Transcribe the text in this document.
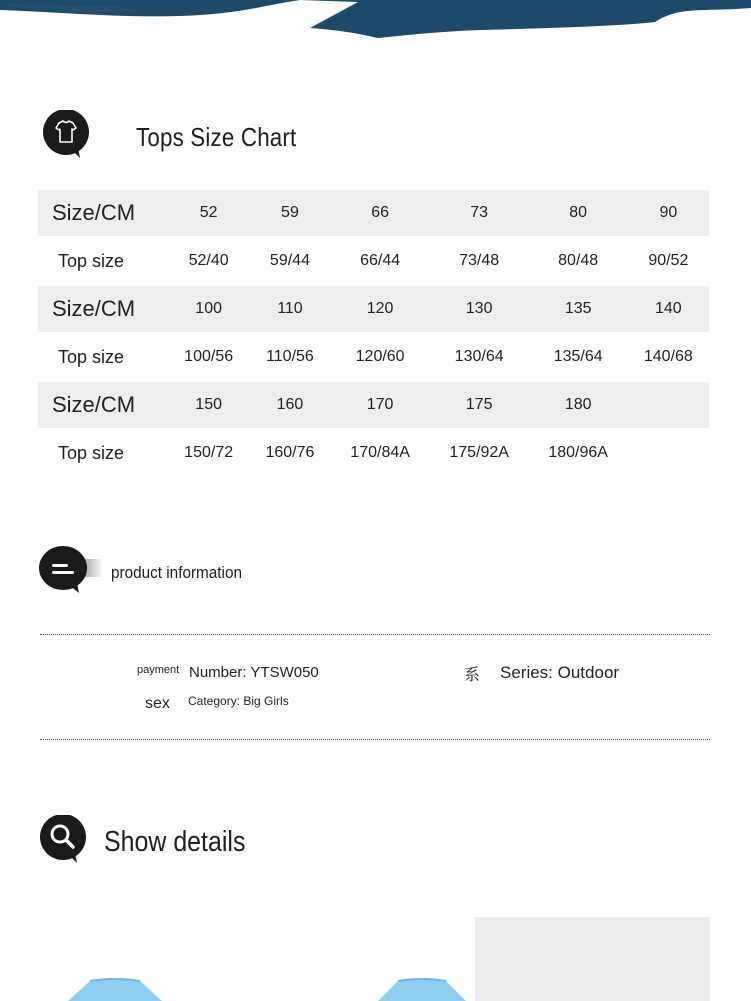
Tops Size Chart
Size/CM	52	59	66	73	80	90
Top size	52/40	59/44	66/44	73/48	80/48	90/52
Size/CM	100	110	120	130	135	140
Top size	100/56	110/56	120/60	130/64	135/64	140/68
Size/CM	150	160	170	175	180	
Top size	150/72	160/76	170/84A	175/92A	180/96A	
product information
payment Number: YTSW050	系 Series: Outdoor
sex Category: Big Girls
Show details
